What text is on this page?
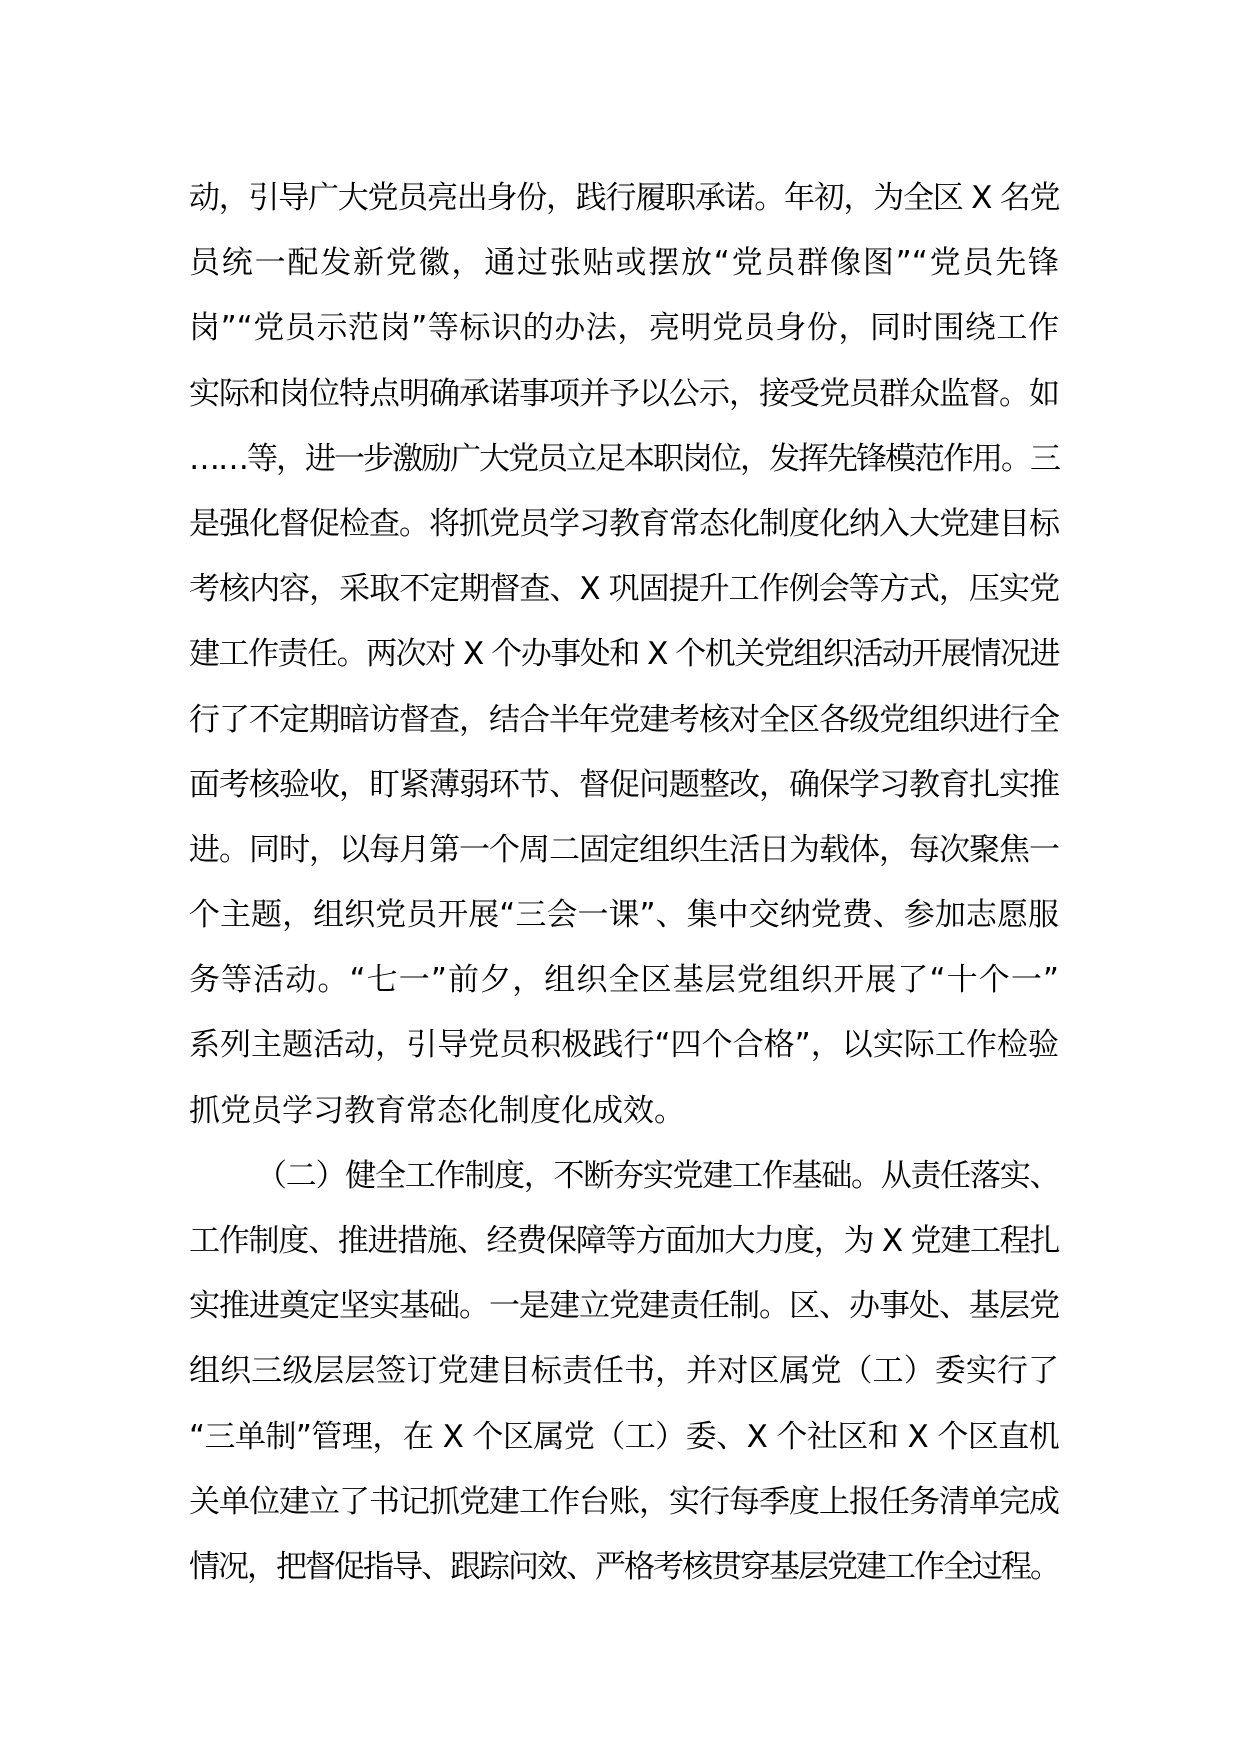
动，引导广大党员亮出身份，践行履职承诺。年初，为全区 X 名党
员统一配发新党徽，通过张贴或摆放“党员群像图”“党员先锋
岗”“党员示范岗”等标识的办法，亮明党员身份，同时围绕工作
实际和岗位特点明确承诺事项并予以公示，接受党员群众监督。如
……等，进一步激励广大党员立足本职岗位，发挥先锋模范作用。三
是强化督促检查。将抓党员学习教育常态化制度化纳入大党建目标
考核内容，采取不定期督查、X 巩固提升工作例会等方式，压实党
建工作责任。两次对 X 个办事处和 X 个机关党组织活动开展情况进
行了不定期暗访督查，结合半年党建考核对全区各级党组织进行全
面考核验收，盯紧薄弱环节、督促问题整改，确保学习教育扎实推
进。同时，以每月第一个周二固定组织生活日为载体，每次聚焦一
个主题，组织党员开展“三会一课”、集中交纳党费、参加志愿服
务等活动。“七一”前夕，组织全区基层党组织开展了“十个一”
系列主题活动，引导党员积极践行“四个合格”，以实际工作检验
抓党员学习教育常态化制度化成效。
（二）健全工作制度，不断夯实党建工作基础。从责任落实、
工作制度、推进措施、经费保障等方面加大力度，为 X 党建工程扎
实推进奠定坚实基础。一是建立党建责任制。区、办事处、基层党
组织三级层层签订党建目标责任书，并对区属党（工）委实行了
“三单制”管理，在 X 个区属党（工）委、X 个社区和 X 个区直机
关单位建立了书记抓党建工作台账，实行每季度上报任务清单完成
情况，把督促指导、跟踪问效、严格考核贯穿基层党建工作全过程。
